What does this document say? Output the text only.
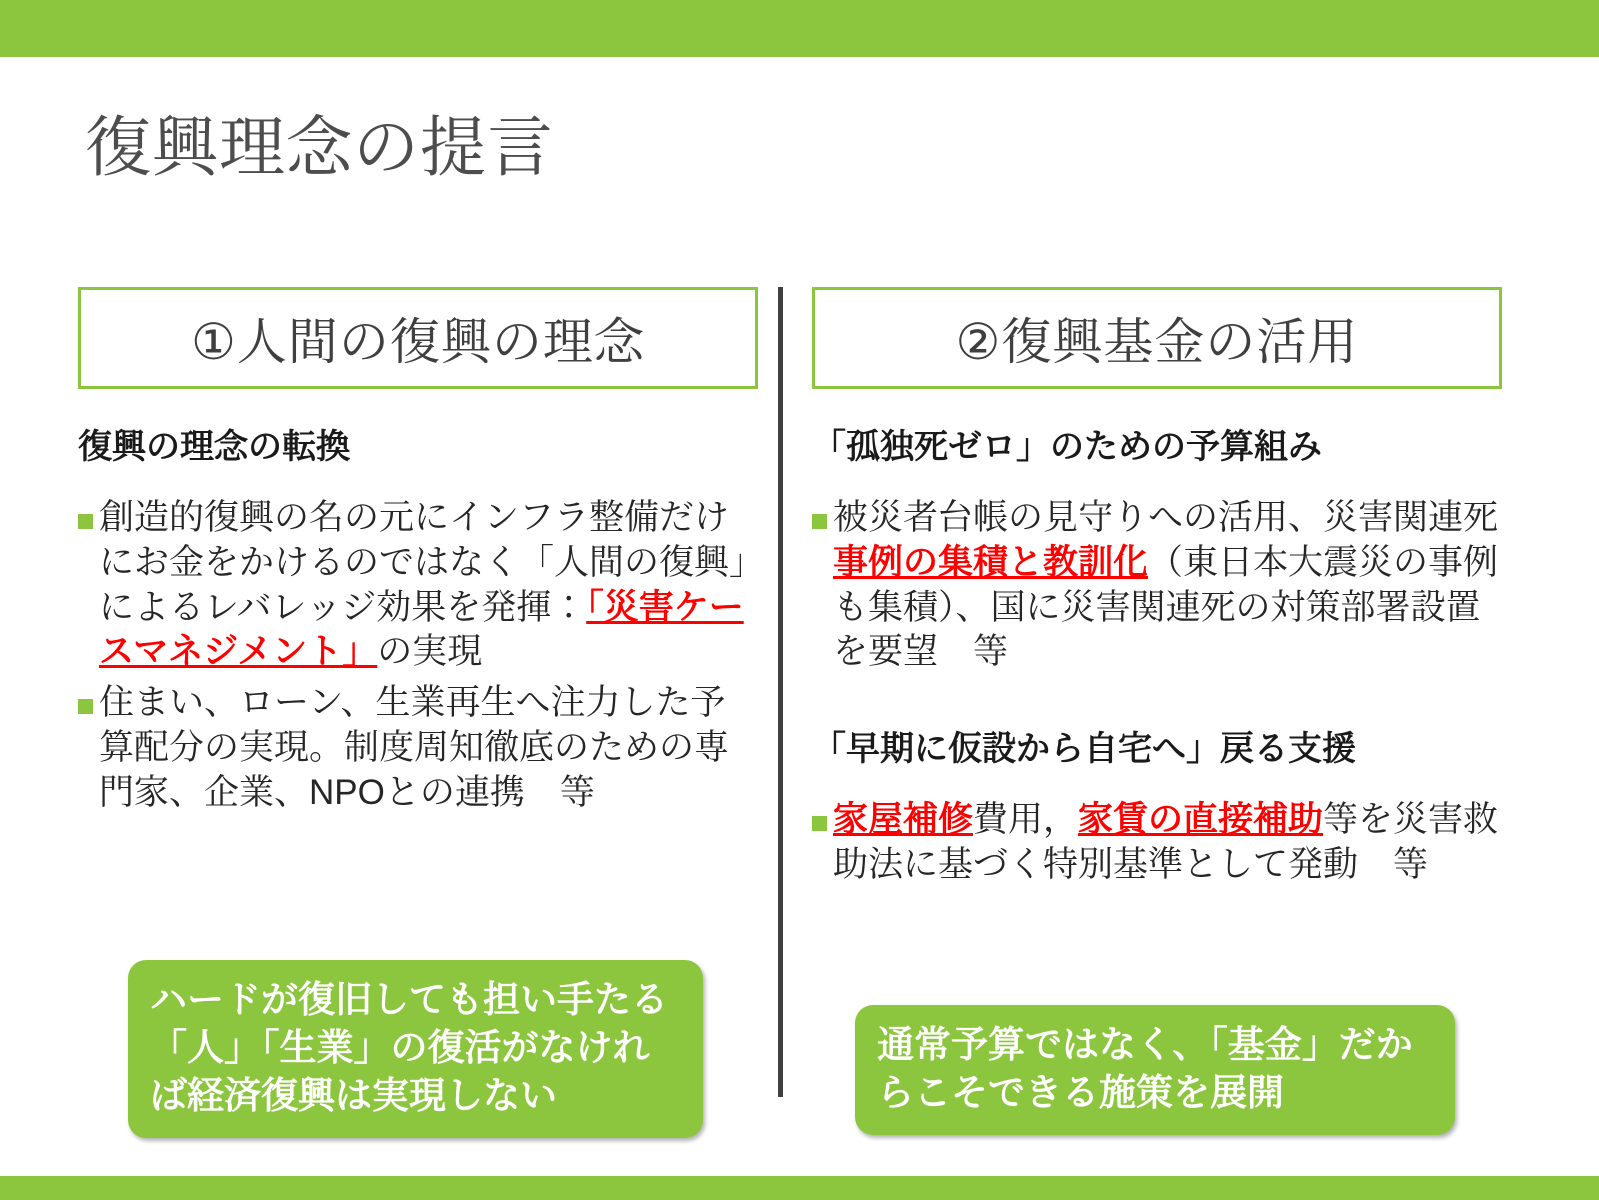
復興理念の提言
①人間の復興の理念
復興の理念の転換
創造的復興の名の元にインフラ整備だけにお金をかけるのではなく「人間の復興」によるレバレッジ効果を発揮：「災害ケースマネジメント」の実現
住まい、ローン、生業再生へ注力した予算配分の実現。制度周知徹底のための専門家、企業、NPOとの連携　等
②復興基金の活用
「孤独死ゼロ」のための予算組み
被災者台帳の見守りへの活用、災害関連死事例の集積と教訓化（東日本大震災の事例も集積）、国に災害関連死の対策部署設置を要望　等
「早期に仮設から自宅へ」戻る支援
家屋補修費用，家賃の直接補助等を災害救助法に基づく特別基準として発動　等
ハードが復旧しても担い手たる「人」「生業」の復活がなければ経済復興は実現しない
通常予算ではなく、「基金」だからこそできる施策を展開
